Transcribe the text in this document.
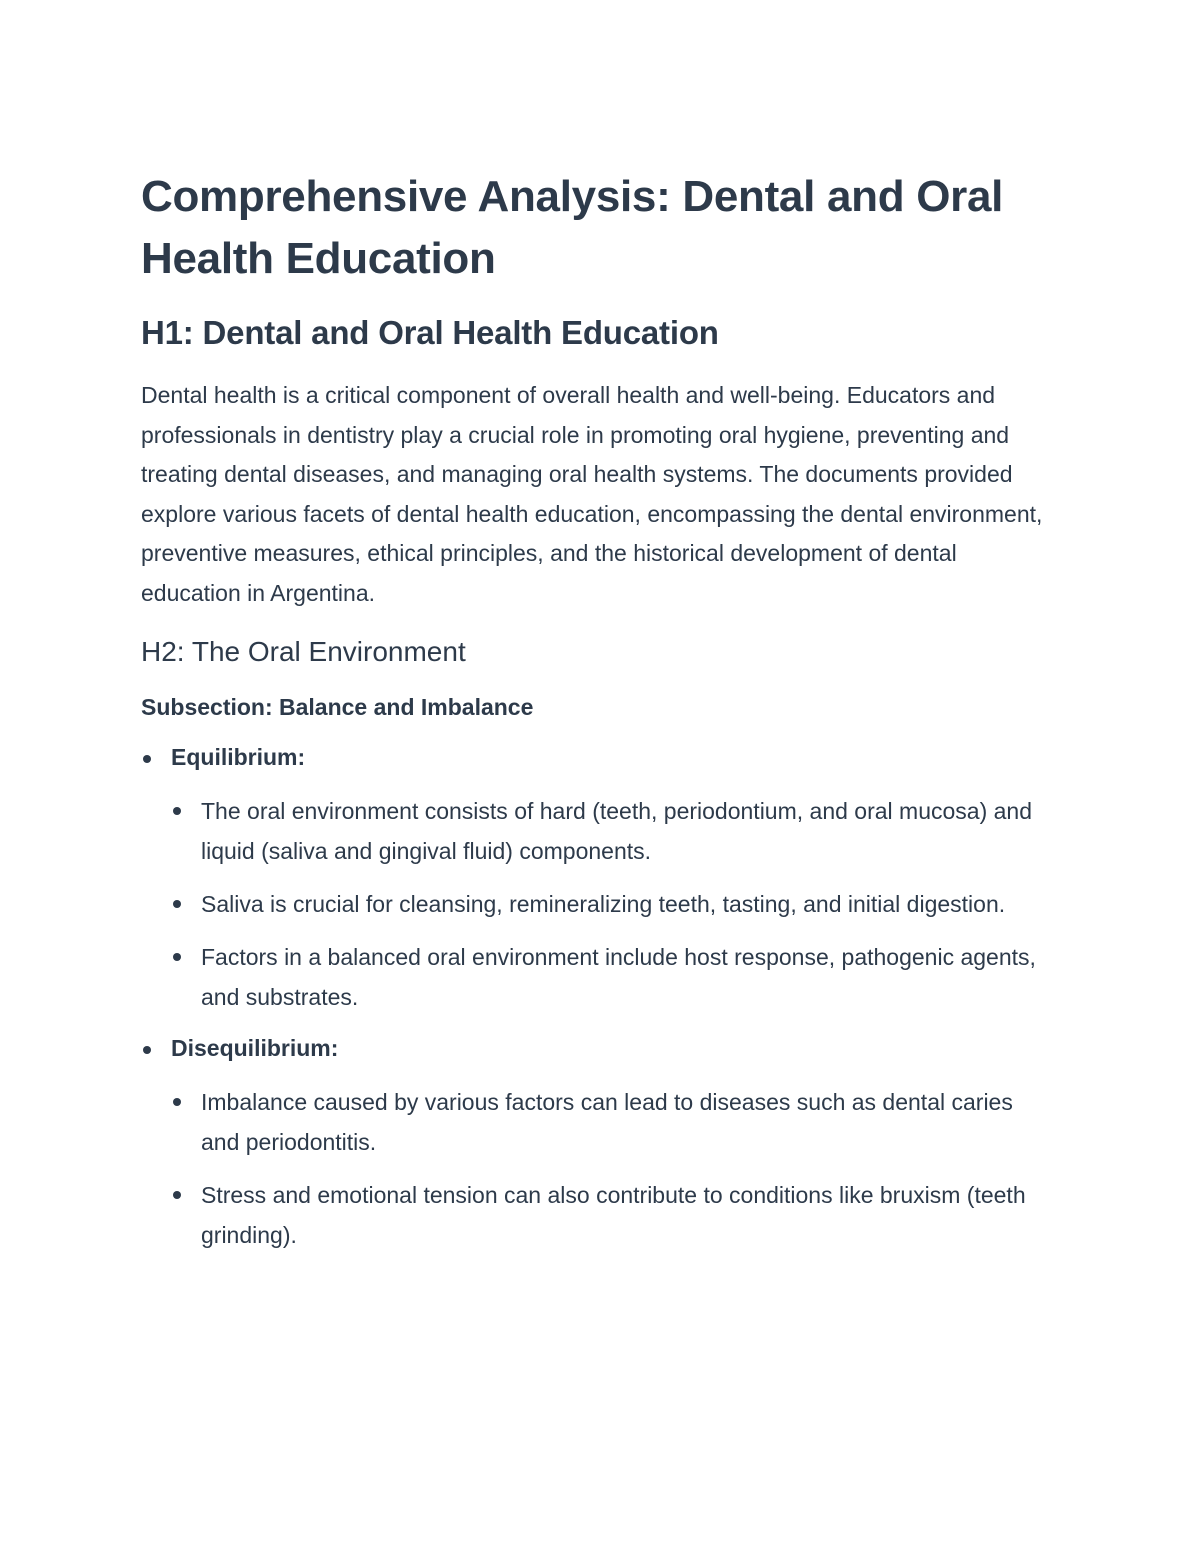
Comprehensive Analysis: Dental and Oral Health Education
H1: Dental and Oral Health Education

Dental health is a critical component of overall health and well-being. Educators and professionals in dentistry play a crucial role in promoting oral hygiene, preventing and treating dental diseases, and managing oral health systems. The documents provided explore various facets of dental health education, encompassing the dental environment, preventive measures, ethical principles, and the historical development of dental education in Argentina.

H2: The Oral Environment
Subsection: Balance and Imbalance
Equilibrium:
The oral environment consists of hard (teeth, periodontium, and oral mucosa) and liquid (saliva and gingival fluid) components.
Saliva is crucial for cleansing, remineralizing teeth, tasting, and initial digestion.
Factors in a balanced oral environment include host response, pathogenic agents, and substrates.
Disequilibrium:
Imbalance caused by various factors can lead to diseases such as dental caries and periodontitis.
Stress and emotional tension can also contribute to conditions like bruxism (teeth grinding).
